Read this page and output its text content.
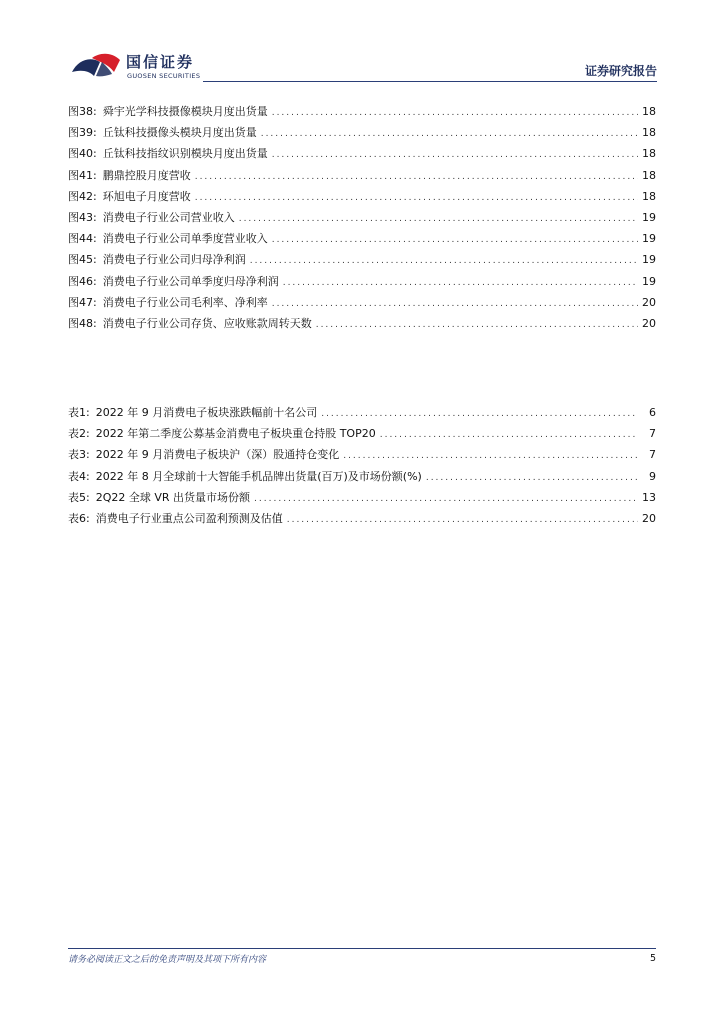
国信证券
GUOSEN SECURITIES	证券研究报告
图38: 舜宇光学科技摄像模块月度出货量 .....	18
图39: 丘钛科技摄像头模块月度出货量 .....	18
图40: 丘钛科技指纹识别模块月度出货量 .....	18
图41: 鹏鼎控股月度营收 .....	18
图42: 环旭电子月度营收 .....	18
图43: 消费电子行业公司营业收入 .....	19
图44: 消费电子行业公司单季度营业收入 .....	19
图45: 消费电子行业公司归母净利润 .....	19
图46: 消费电子行业公司单季度归母净利润 .....	19
图47: 消费电子行业公司毛利率、净利率 .....	20
图48: 消费电子行业公司存货、应收账款周转天数 .....	20
表1: 2022 年 9 月消费电子板块涨跌幅前十名公司 .....	6
表2: 2022 年第二季度公募基金消费电子板块重仓持股 TOP20 .....	7
表3: 2022 年 9 月消费电子板块沪（深）股通持仓变化 .....	7
表4: 2022 年 8 月全球前十大智能手机品牌出货量(百万)及市场份额(%) .....	9
表5: 2Q22 全球 VR 出货量市场份额 .....	13
表6: 消费电子行业重点公司盈利预测及估值 .....	20
请务必阅读正文之后的免责声明及其项下所有内容	5
